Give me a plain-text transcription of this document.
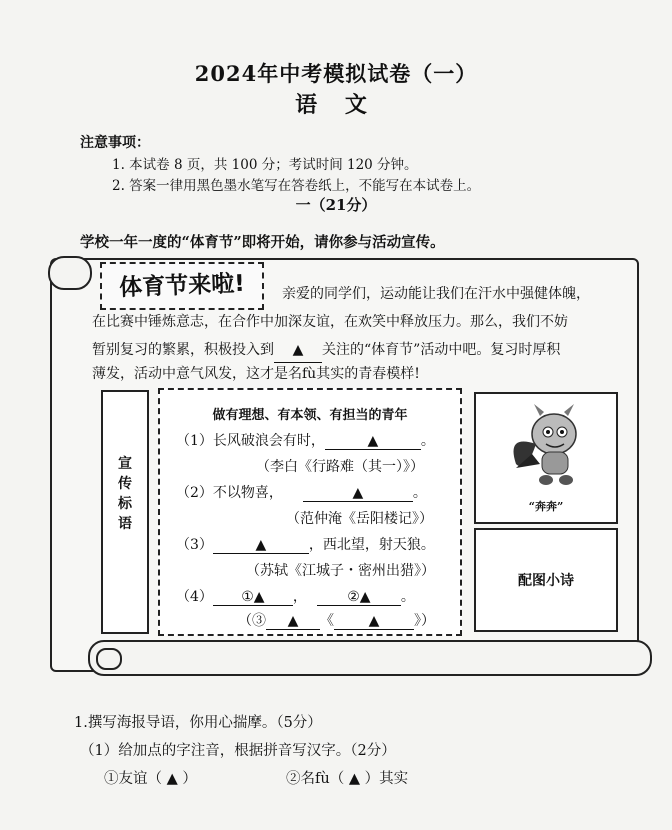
2024年中考模拟试卷（一）
语 文
注意事项：
1. 本试卷 8 页，共 100 分；考试时间 120 分钟。
2. 答案一律用黑色墨水笔写在答卷纸上，不能写在本试卷上。
一（21分）
学校一年一度的“体育节”即将开始，请你参与活动宣传。
体育节来啦!	亲爱的同学们，运动能让我们在汗水中强健体魄，
在比赛中锤炼意志，在合作中加深友谊，在欢笑中释放压力。那么，我们不妨
暂别复习的繁累，积极投入到 ▲ 关注的“体育节”活动中吧。复习时厚积
薄发，活动中意气风发，这才是名fù其实的青春模样!
宣
传
标
语
做有理想、有本领、有担当的青年
（1）长风破浪会有时，	▲	。
（李白《行路难（其一）》）
（2）不以物喜，	▲	。
（范仲淹《岳阳楼记》）
（3）	▲	，西北望，射天狼。
（苏轼《江城子・密州出猎》）
（4） ①▲ ，	②▲ 。
（③ ▲ 《 ▲ 》）
“奔奔”
配图小诗
1.撰写海报导语，你用心揣摩。（5分）
（1）给加点的字注音，根据拼音写汉字。（2分）
①友谊（ ▲ ）	②名fù（ ▲ ）其实
